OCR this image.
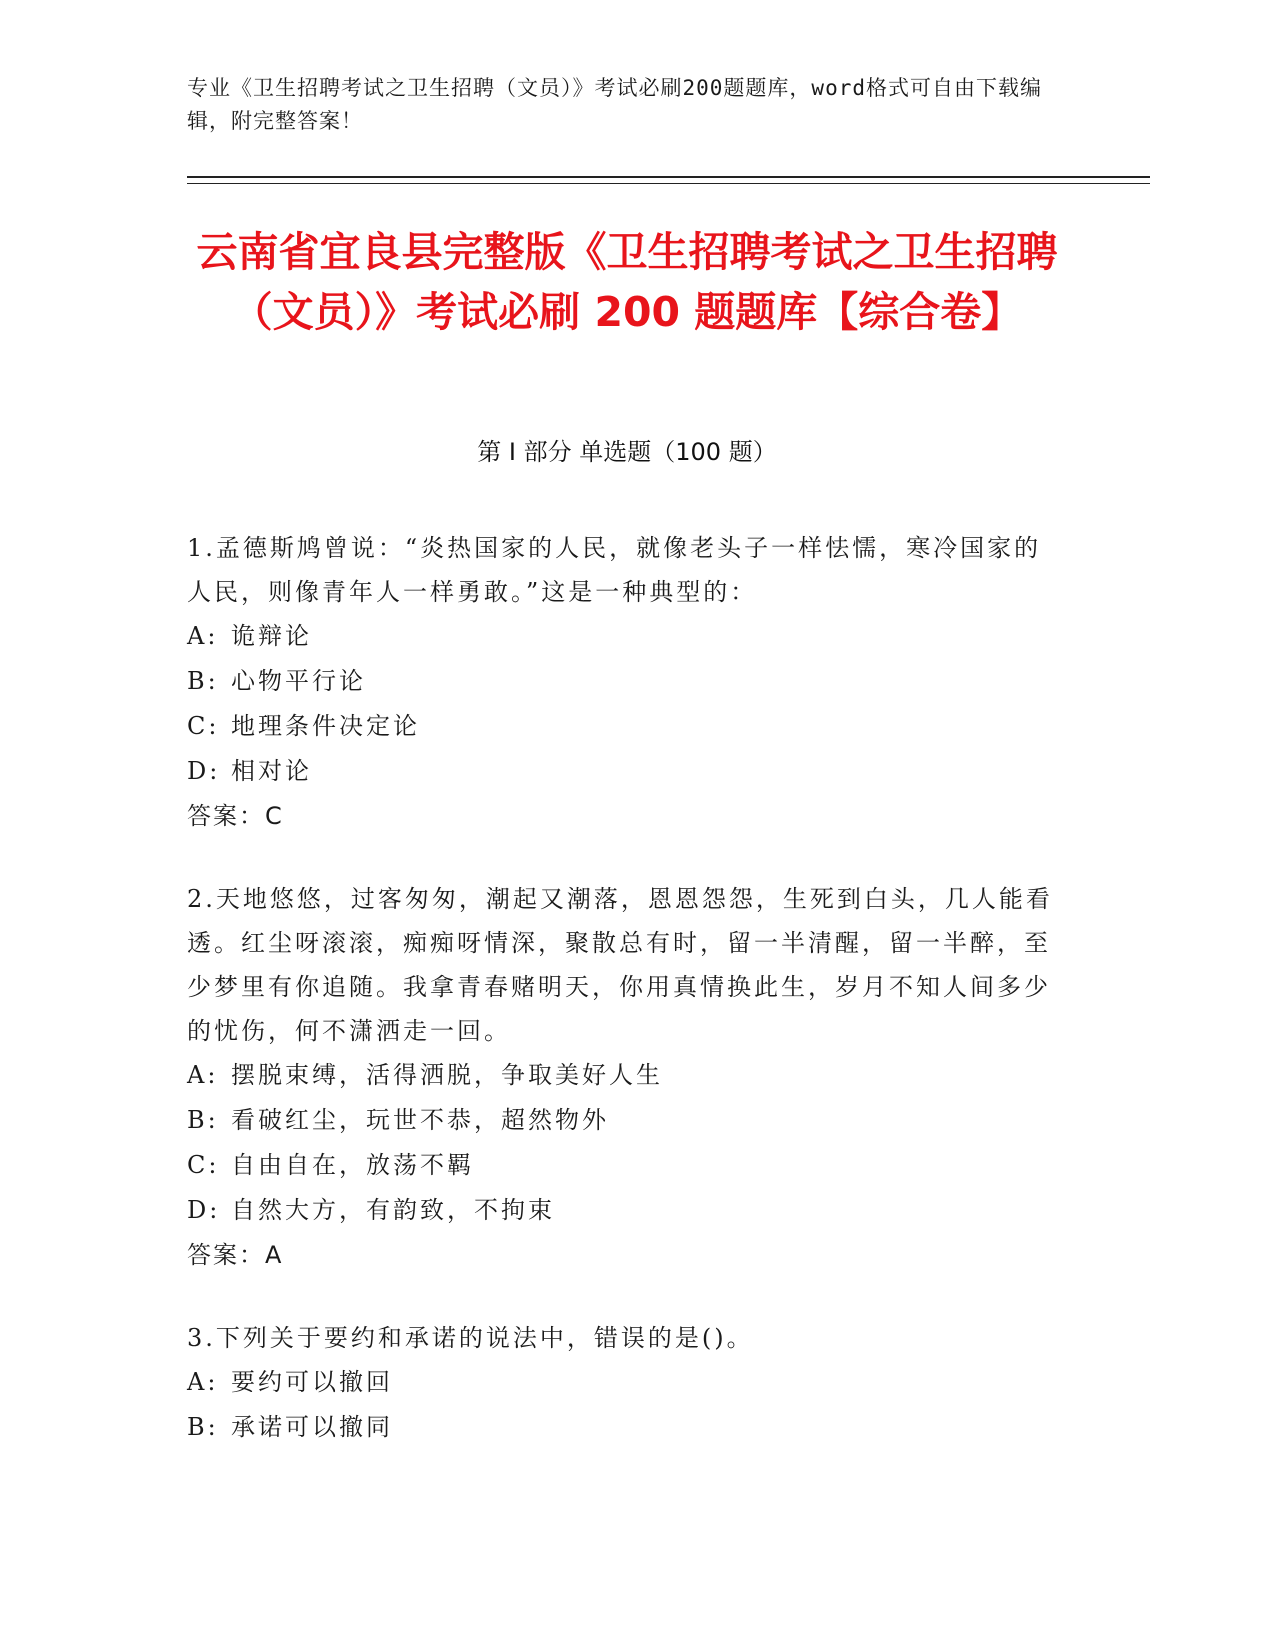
专业《卫生招聘考试之卫生招聘（文员）》考试必刷200题题库，word格式可自由下载编辑，附完整答案！
云南省宜良县完整版《卫生招聘考试之卫生招聘（文员）》考试必刷 200 题题库【综合卷】
第 I 部分 单选题（100 题）

1.孟德斯鸠曾说：“炎热国家的人民，就像老头子一样怯懦，寒冷国家的人民，则像青年人一样勇敢。”这是一种典型的：

A: 诡辩论

B: 心物平行论

C: 地理条件决定论

D: 相对论

答案：C

2.天地悠悠，过客匆匆，潮起又潮落，恩恩怨怨，生死到白头，几人能看透。红尘呀滚滚，痴痴呀情深，聚散总有时，留一半清醒，留一半醉，至少梦里有你追随。我拿青春赌明天，你用真情换此生，岁月不知人间多少的忧伤，何不潇洒走一回。

A: 摆脱束缚，活得洒脱，争取美好人生

B: 看破红尘，玩世不恭，超然物外

C: 自由自在，放荡不羁

D: 自然大方，有韵致，不拘束

答案：A

3.下列关于要约和承诺的说法中，错误的是()。

A: 要约可以撤回

B: 承诺可以撤同
